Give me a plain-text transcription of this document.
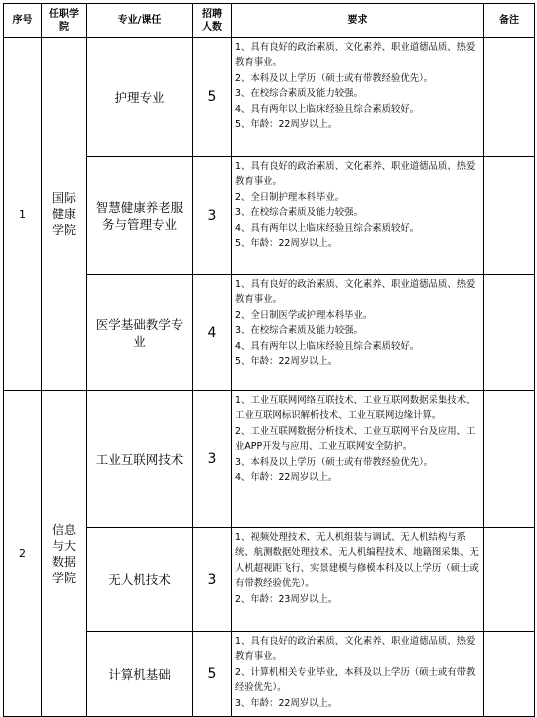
序号	任职学院	专业/课任	招聘人数	要求	备注
1	国际健康学院	护理专业	5	1、具有良好的政治素质、文化素养、职业道德品质、热爱教育事业。
2、本科及以上学历（硕士或有带教经验优先）。
3、在校综合素质及能力较强。
4、具有两年以上临床经验且综合素质较好。
5、年龄：22周岁以上。	

		智慧健康养老服务与管理专业	3	1、具有良好的政治素质、文化素养、职业道德品质、热爱教育事业。
2、全日制护理本科毕业。
3、在校综合素质及能力较强。
4、具有两年以上临床经验且综合素质较好。
5、年龄：22周岁以上。	

		医学基础教学专业	4	1、具有良好的政治素质、文化素养、职业道德品质、热爱教育事业。
2、全日制医学或护理本科毕业。
3、在校综合素质及能力较强。
4、具有两年以上临床经验且综合素质较好。
5、年龄：22周岁以上。	

2	信息与大数据学院	工业互联网技术	3	1、工业互联网网络互联技术、工业互联网数据采集技术、工业互联网标识解析技术、工业互联网边缘计算。
2、工业互联网数据分析技术、工业互联网平台及应用、工业APP开发与应用、工业互联网安全防护。
3、本科及以上学历（硕士或有带教经验优先）。
4、年龄：22周岁以上。	

		无人机技术	3	1、视频处理技术、无人机组装与调试、无人机结构与系统、航测数据处理技术、无人机编程技术、地籍图采集、无人机超视距飞行、实景建模与修模本科及以上学历（硕士或有带教经验优先）。
2、年龄：23周岁以上。	

		计算机基础	5	1、具有良好的政治素质、文化素养、职业道德品质、热爱教育事业。
2、计算机相关专业毕业，本科及以上学历（硕士或有带教经验优先）。
3、年龄：22周岁以上。	
